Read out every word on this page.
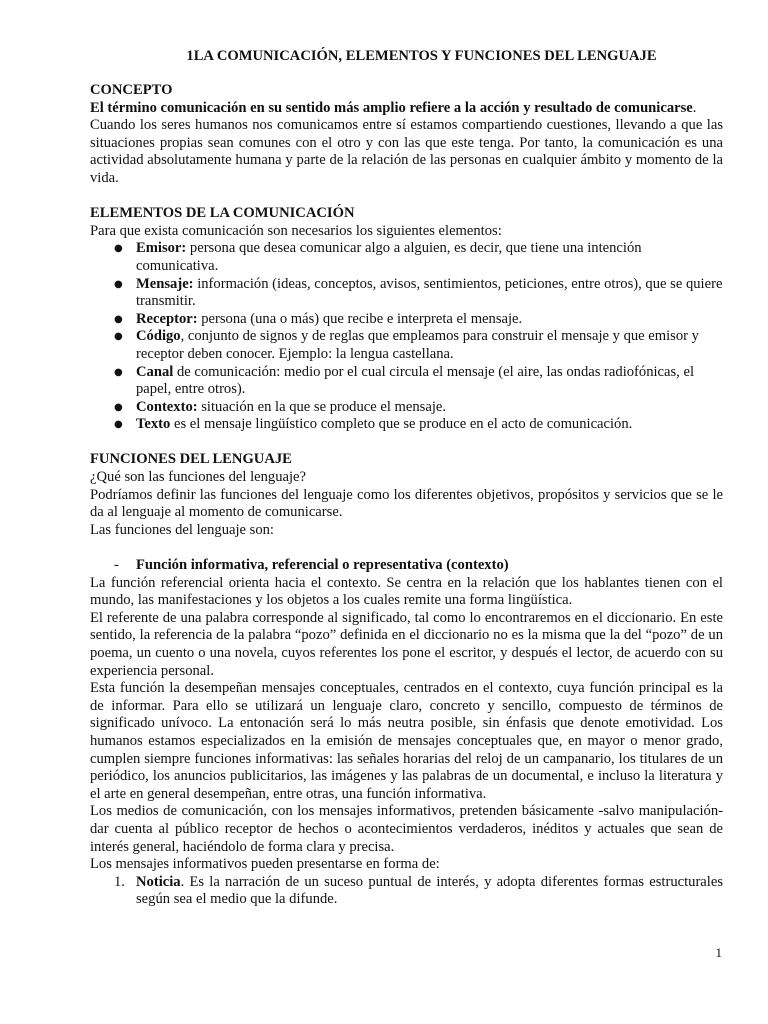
1LA COMUNICACIÓN, ELEMENTOS Y FUNCIONES DEL LENGUAJE

CONCEPTO

El término comunicación en su sentido más amplio refiere a la acción y resultado de comunicarse.

Cuando los seres humanos nos comunicamos entre sí estamos compartiendo cuestiones, llevando a que las situaciones propias sean comunes con el otro y con las que este tenga. Por tanto, la comunicación es una actividad absolutamente humana y parte de la relación de las personas en cualquier ámbito y momento de la vida.

ELEMENTOS DE LA COMUNICACIÓN

Para que exista comunicación son necesarios los siguientes elementos:

● Emisor: persona que desea comunicar algo a alguien, es decir, que tiene una intención comunicativa.
● Mensaje: información (ideas, conceptos, avisos, sentimientos, peticiones, entre otros), que se quiere transmitir.
● Receptor: persona (una o más) que recibe e interpreta el mensaje.
● Código, conjunto de signos y de reglas que empleamos para construir el mensaje y que emisor y receptor deben conocer. Ejemplo: la lengua castellana.
● Canal de comunicación: medio por el cual circula el mensaje (el aire, las ondas radiofónicas, el papel, entre otros).
● Contexto: situación en la que se produce el mensaje.
● Texto es el mensaje lingüístico completo que se produce en el acto de comunicación.

FUNCIONES DEL LENGUAJE

¿Qué son las funciones del lenguaje?

Podríamos definir las funciones del lenguaje como los diferentes objetivos, propósitos y servicios que se le da al lenguaje al momento de comunicarse.

Las funciones del lenguaje son:

- Función informativa, referencial o representativa (contexto)

La función referencial orienta hacia el contexto. Se centra en la relación que los hablantes tienen con el mundo, las manifestaciones y los objetos a los cuales remite una forma lingüística.

El referente de una palabra corresponde al significado, tal como lo encontraremos en el diccionario. En este sentido, la referencia de la palabra “pozo” definida en el diccionario no es la misma que la del “pozo” de un poema, un cuento o una novela, cuyos referentes los pone el escritor, y después el lector, de acuerdo con su experiencia personal.

Esta función la desempeñan mensajes conceptuales, centrados en el contexto, cuya función principal es la de informar. Para ello se utilizará un lenguaje claro, concreto y sencillo, compuesto de términos de significado unívoco. La entonación será lo más neutra posible, sin énfasis que denote emotividad. Los humanos estamos especializados en la emisión de mensajes conceptuales que, en mayor o menor grado, cumplen siempre funciones informativas: las señales horarias del reloj de un campanario, los titulares de un periódico, los anuncios publicitarios, las imágenes y las palabras de un documental, e incluso la literatura y el arte en general desempeñan, entre otras, una función informativa.

Los medios de comunicación, con los mensajes informativos, pretenden básicamente -salvo manipulación- dar cuenta al público receptor de hechos o acontecimientos verdaderos, inéditos y actuales que sean de interés general, haciéndolo de forma clara y precisa.

Los mensajes informativos pueden presentarse en forma de:

1. Noticia. Es la narración de un suceso puntual de interés, y adopta diferentes formas estructurales según sea el medio que la difunde.
1
